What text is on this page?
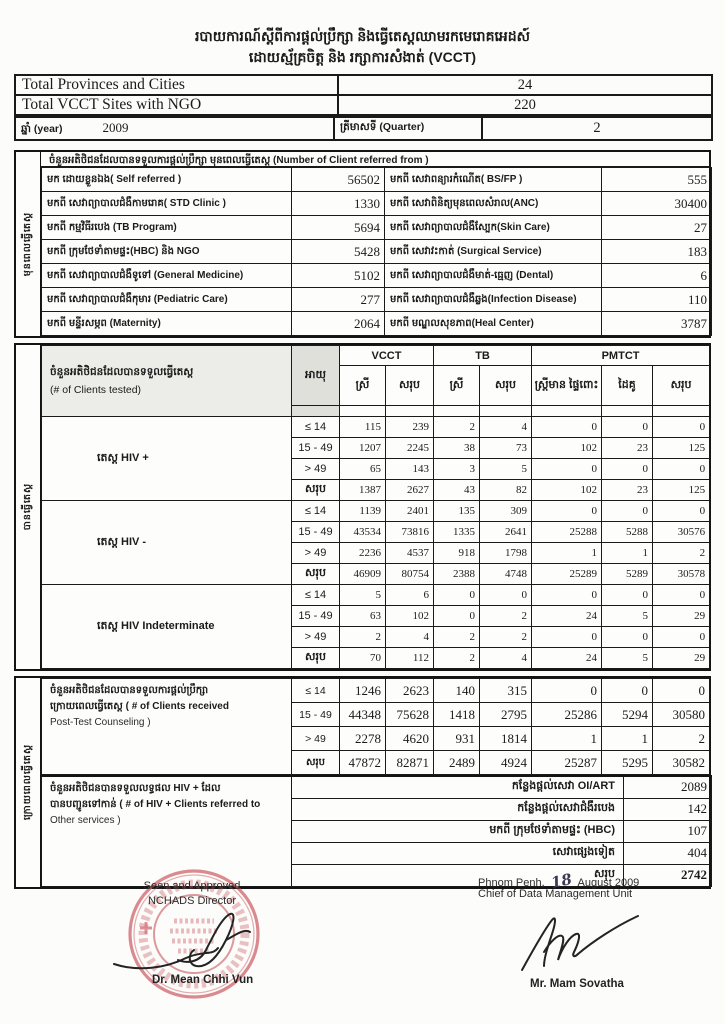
របាយការណ៍ស្តីពីការផ្តល់ប្រឹក្សា និងធ្វើតេស្តឈាមរកមេរោគអេដស៍
ដោយស្ម័គ្រចិត្ត និង រក្សាការសំងាត់ (VCCT)
Total Provinces and Cities	24
Total VCCT Sites with NGO	220
ឆ្នាំ (year)	2009	ត្រីមាសទី (Quarter)	2
មុនពេលធ្វើតេស្ត
ចំនួនអតិថិជនដែលបានទទួលការផ្តល់ប្រឹក្សា មុនពេលធ្វើតេស្ត (Number of Client referred from )
មក ដោយខ្លួនឯង( Self referred )	56502	មកពី សេវាពន្យារកំណើត( BS/FP )	555
មកពី សេវាព្យាបាលជំងឺកាមរោគ( STD Clinic )	1330	មកពី សេវាពិនិត្យមុនពេលសំរាល(ANC)	30400
មកពី កម្មវិធីរបេង (TB Program)	5694	មកពី សេវាព្យាបាលជំងឺស្បែក(Skin Care)	27
មកពី ក្រុមថែទាំតាមផ្ទះ(HBC) និង NGO	5428	មកពី សេវាវះកាត់ (Surgical Service)	183
មកពី សេវាព្យាបាលជំងឺទូទៅ (General Medicine)	5102	មកពី សេវាព្យាបាលជំងឺមាត់-ធ្មេញ (Dental)	6
មកពី សេវាព្យាបាលជំងឺកុមារ (Pediatric Care)	277	មកពី សេវាព្យាបាលជំងឺឆ្លង(Infection Disease)	110
មកពី មន្ទីរសម្ភព (Maternity)	2064	មកពី មណ្ឌលសុខភាព(Heal Center)	3787
បានធ្វើតេស្ត
ចំនួនអតិថិជនដែលបានទទួលធ្វើតេស្ត
(# of Clients tested)	អាយុ	VCCT		TB		PMTCT		
		ស្រី	សរុប	ស្រី	សរុប	ស្ត្រីមាន ផ្ទៃពោះ	ដៃគូ	សរុប

តេស្ត HIV +	≤ 14	115	239	2	4	0	0	0
	15 - 49	1207	2245	38	73	102	23	125
	> 49	65	143	3	5	0	0	0
	សរុប	1387	2627	43	82	102	23	125
តេស្ត HIV -	≤ 14	1139	2401	135	309	0	0	0
	15 - 49	43534	73816	1335	2641	25288	5288	30576
	> 49	2236	4537	918	1798	1	1	2
	សរុប	46909	80754	2388	4748	25289	5289	30578
តេស្ត HIV Indeterminate	≤ 14	5	6	0	0	0	0	0
	15 - 49	63	102	0	2	24	5	29
	> 49	2	4	2	2	0	0	0
	សរុប	70	112	2	4	24	5	29
ក្រោយពេលធ្វើតេស្ត
ចំនួនអតិថិជនដែលបានទទួលការផ្តល់ប្រឹក្សា
ក្រោយពេលធ្វើតេស្ត ( # of Clients received
Post-Test Counseling )	≤ 14	1246	2623	140	315	0	0	0
	15 - 49	44348	75628	1418	2795	25286	5294	30580
	> 49	2278	4620	931	1814	1	1	2
	សរុប	47872	82871	2489	4924	25287	5295	30582
ចំនួនអតិថិជនបានទទួលលទ្ធផល HIV + ដែល
បានបញ្ជូនទៅកាន់ ( # of HIV + Clients referred to
Other services )	កន្លែងផ្តល់សេវា OI/ART	2089
	កន្លែងផ្តល់សេវាជំងឺរបេង	142
	មកពី ក្រុមថែទាំតាមផ្ទះ (HBC)	107
	សេវាផ្សេងទៀត	404
	សរុប	2742
Seen and Approved
NCHADS Director
Dr. Mean Chhi Vun
Phnom Penh, 18 August 2009
Chief of Data Management Unit
Mr. Mam Sovatha
